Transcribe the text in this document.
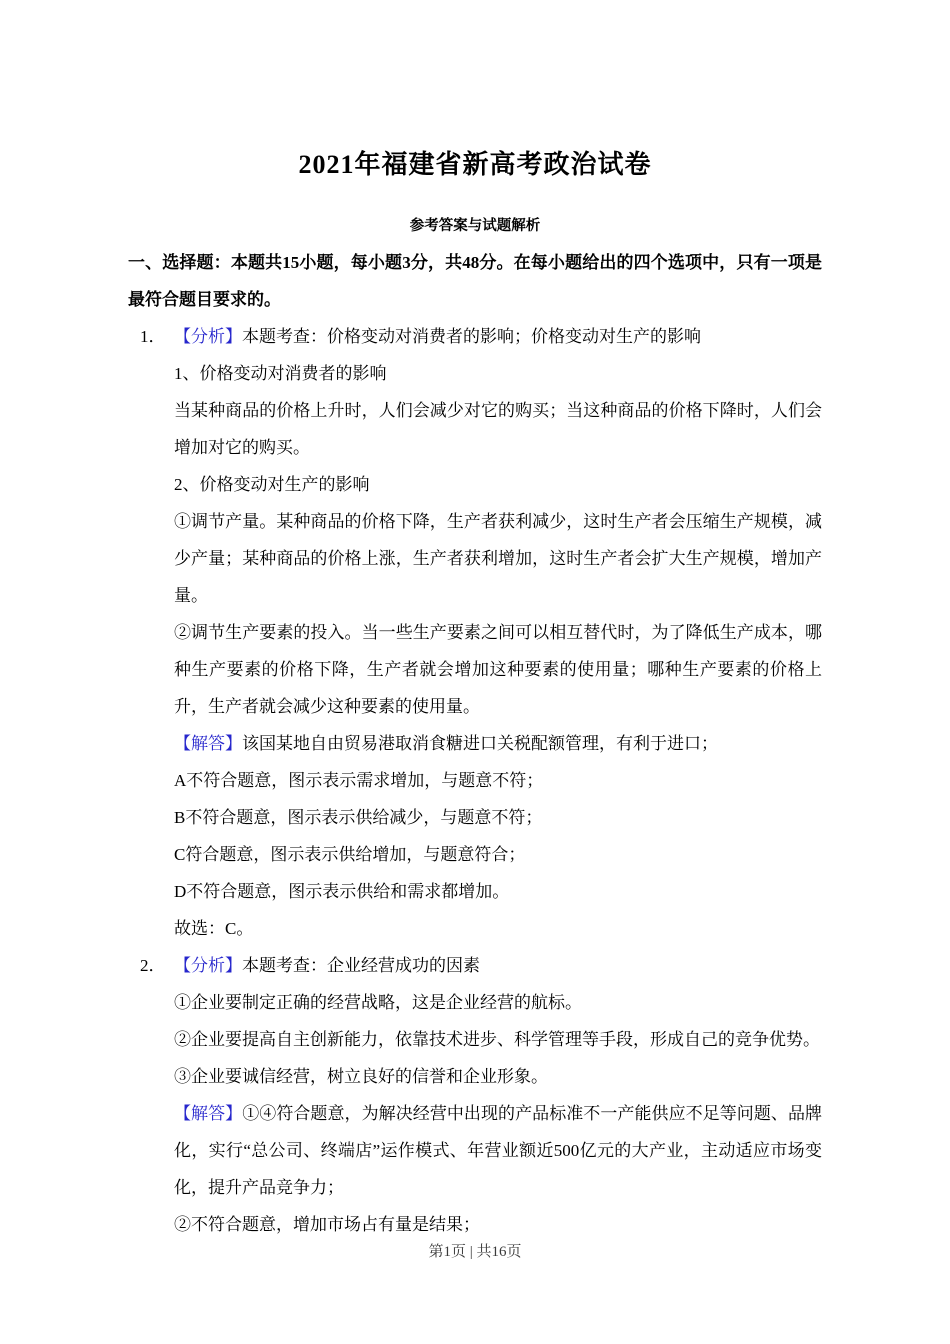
2021年福建省新高考政治试卷
参考答案与试题解析

一、选择题：本题共15小题，每小题3分，共48分。在每小题给出的四个选项中，只有一项是最符合题目要求的。

1． 【分析】本题考查：价格变动对消费者的影响；价格变动对生产的影响

1、价格变动对消费者的影响

当某种商品的价格上升时，人们会减少对它的购买；当这种商品的价格下降时，人们会增加对它的购买。

2、价格变动对生产的影响

①调节产量。某种商品的价格下降，生产者获利减少，这时生产者会压缩生产规模，减少产量；某种商品的价格上涨，生产者获利增加，这时生产者会扩大生产规模，增加产量。

②调节生产要素的投入。当一些生产要素之间可以相互替代时，为了降低生产成本，哪种生产要素的价格下降，生产者就会增加这种要素的使用量；哪种生产要素的价格上升，生产者就会减少这种要素的使用量。

【解答】该国某地自由贸易港取消食糖进口关税配额管理，有利于进口；

A不符合题意，图示表示需求增加，与题意不符；

B不符合题意，图示表示供给减少，与题意不符；

C符合题意，图示表示供给增加，与题意符合；

D不符合题意，图示表示供给和需求都增加。

故选：C。

2． 【分析】本题考查：企业经营成功的因素

①企业要制定正确的经营战略，这是企业经营的航标。

②企业要提高自主创新能力，依靠技术进步、科学管理等手段，形成自己的竞争优势。

③企业要诚信经营，树立良好的信誉和企业形象。

【解答】①④符合题意，为解决经营中出现的产品标准不一产能供应不足等问题、品牌化，实行“总公司、终端店”运作模式、年营业额近500亿元的大产业，主动适应市场变化，提升产品竞争力；

②不符合题意，增加市场占有量是结果；

第1页 | 共16页
